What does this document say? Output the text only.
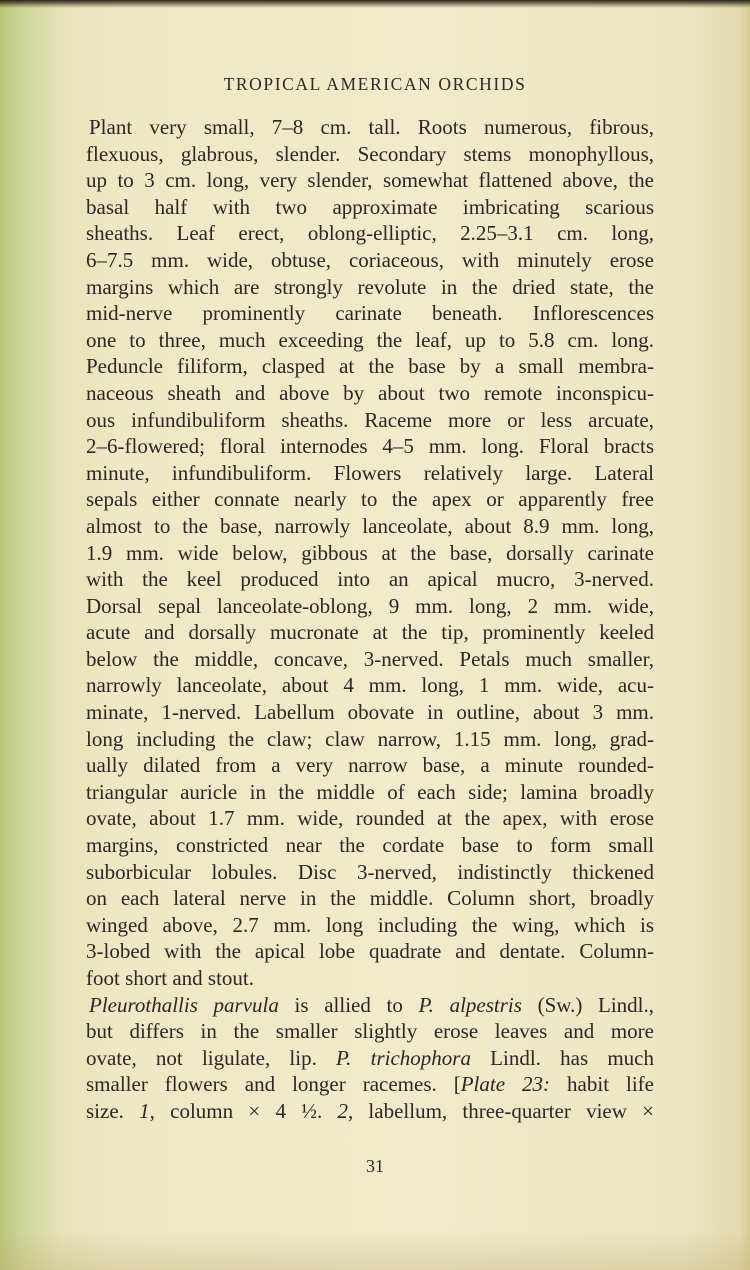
TROPICAL AMERICAN ORCHIDS

Plant very small, 7–8 cm. tall. Roots numerous, fibrous,
flexuous, glabrous, slender. Secondary stems monophyllous,
up to 3 cm. long, very slender, somewhat flattened above, the
basal half with two approximate imbricating scarious
sheaths. Leaf erect, oblong-elliptic, 2.25–3.1 cm. long,
6–7.5 mm. wide, obtuse, coriaceous, with minutely erose
margins which are strongly revolute in the dried state, the
mid-nerve prominently carinate beneath. Inflorescences
one to three, much exceeding the leaf, up to 5.8 cm. long.
Peduncle filiform, clasped at the base by a small membra-
naceous sheath and above by about two remote inconspicu-
ous infundibuliform sheaths. Raceme more or less arcuate,
2–6-flowered; floral internodes 4–5 mm. long. Floral bracts
minute, infundibuliform. Flowers relatively large. Lateral
sepals either connate nearly to the apex or apparently free
almost to the base, narrowly lanceolate, about 8.9 mm. long,
1.9 mm. wide below, gibbous at the base, dorsally carinate
with the keel produced into an apical mucro, 3-nerved.
Dorsal sepal lanceolate-oblong, 9 mm. long, 2 mm. wide,
acute and dorsally mucronate at the tip, prominently keeled
below the middle, concave, 3-nerved. Petals much smaller,
narrowly lanceolate, about 4 mm. long, 1 mm. wide, acu-
minate, 1-nerved. Labellum obovate in outline, about 3 mm.
long including the claw; claw narrow, 1.15 mm. long, grad-
ually dilated from a very narrow base, a minute rounded-
triangular auricle in the middle of each side; lamina broadly
ovate, about 1.7 mm. wide, rounded at the apex, with erose
margins, constricted near the cordate base to form small
suborbicular lobules. Disc 3-nerved, indistinctly thickened
on each lateral nerve in the middle. Column short, broadly
winged above, 2.7 mm. long including the wing, which is
3-lobed with the apical lobe quadrate and dentate. Column-
foot short and stout.

Pleurothallis parvula is allied to P. alpestris (Sw.) Lindl.,
but differs in the smaller slightly erose leaves and more
ovate, not ligulate, lip. P. trichophora Lindl. has much
smaller flowers and longer racemes. [Plate 23: habit life
size. 1, column × 4 ½. 2, labellum, three-quarter view ×

31
